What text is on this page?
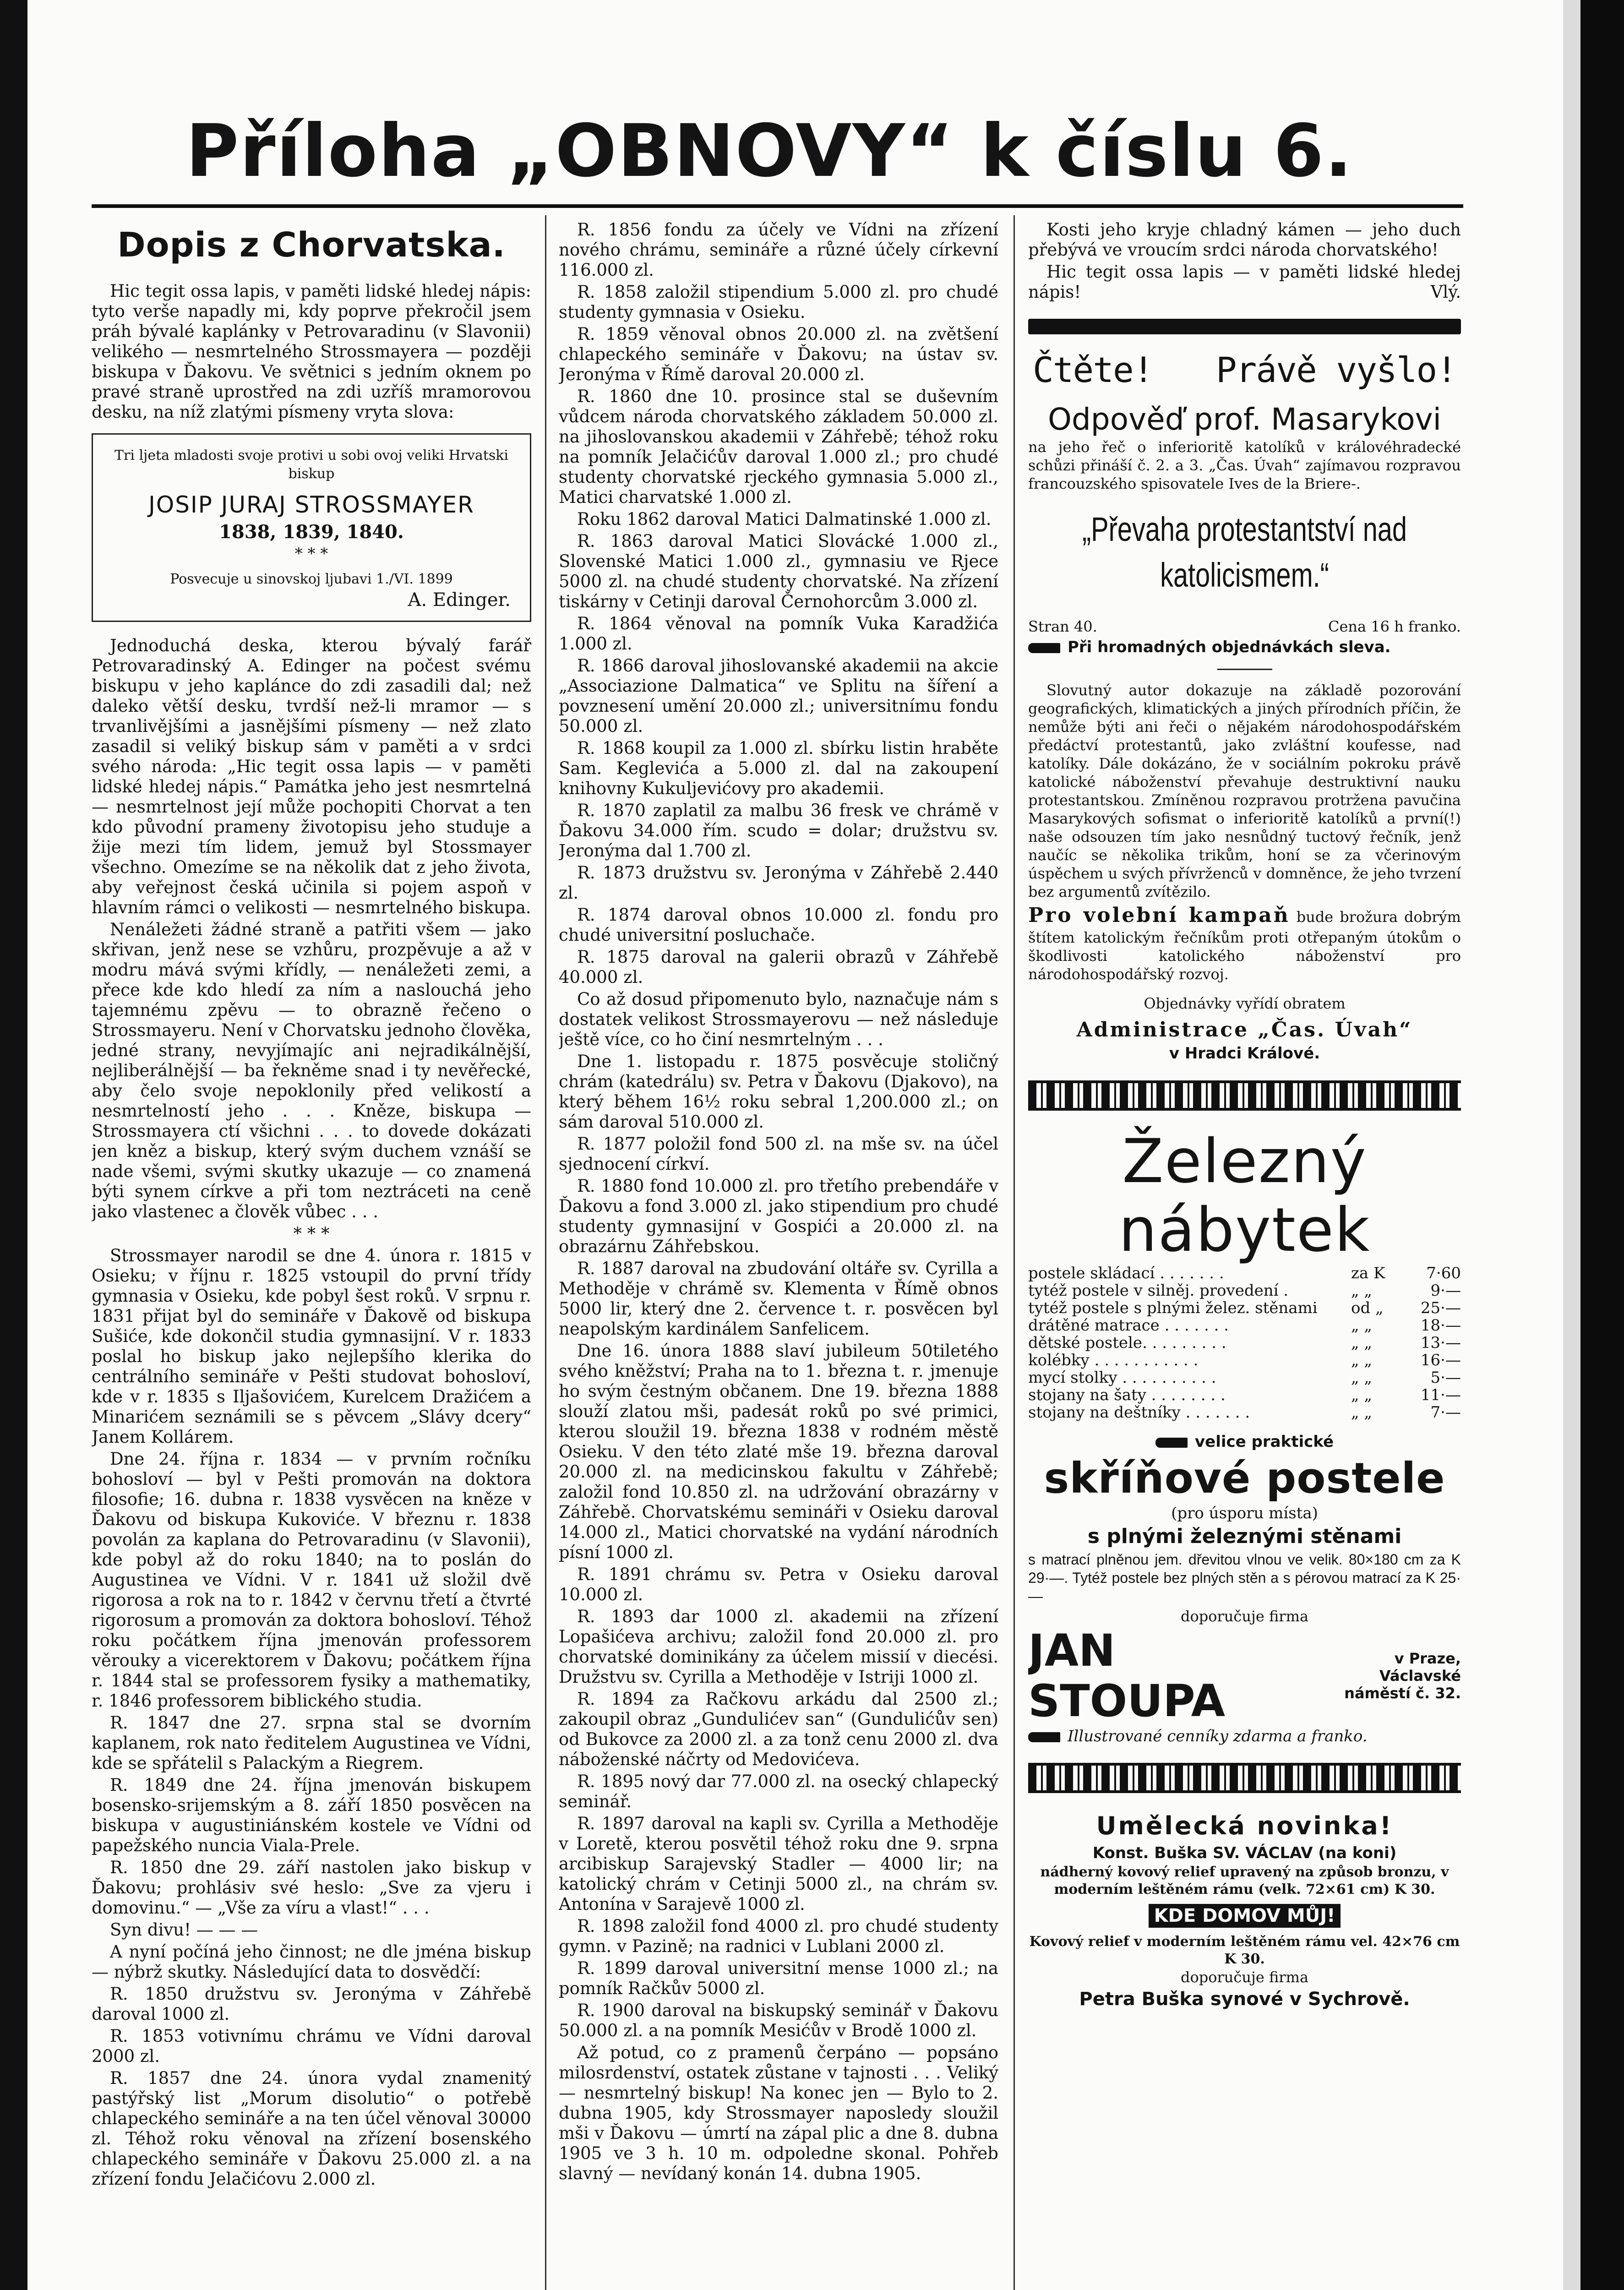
Příloha „OBNOVY“ k číslu 6.
Dopis z Chorvatska.

Hic tegit ossa lapis, v paměti lidské hledej nápis: tyto verše napadly mi, kdy poprve překročil jsem práh bývalé kaplánky v Petrovaradinu (v Slavonii) velikého — nesmrtelného Strossmayera — později biskupa v Ďakovu. Ve světnici s jedním oknem po pravé straně uprostřed na zdi uzříš mramorovou desku, na níž zlatými písmeny vryta slova:

Tri ljeta mladosti svoje protivi u sobi ovoj veliki Hrvatski biskup
JOSIP JURAJ STROSSMAYER
1838, 1839, 1840.
* * *
Posvecuje u sinovskoj ljubavi 1./VI. 1899
A. Edinger.

Jednoduchá deska, kterou bývalý farář Petrovaradinský A. Edinger na počest svému biskupu v jeho kaplánce do zdi zasadili dal; než daleko větší desku, tvrdší než-li mramor — s trvanlivějšími a jasnějšími písmeny — než zlato zasadil si veliký biskup sám v paměti a v srdci svého národa: „Hic tegit ossa lapis — v paměti lidské hledej nápis.“ Památka jeho jest nesmrtelná — nesmrtelnost její může pochopiti Chorvat a ten kdo původní prameny životopisu jeho studuje a žije mezi tím lidem, jemuž byl Stossmayer všechno. Omezíme se na několik dat z jeho života, aby veřejnost česká učinila si pojem aspoň v hlavním rámci o velikosti — nesmrtelného biskupa.

Nenáležeti žádné straně a patřiti všem — jako skřivan, jenž nese se vzhůru, prozpěvuje a až v modru mává svými křídly, — nenáležeti zemi, a přece kde kdo hledí za ním a naslouchá jeho tajemnému zpěvu — to obrazně řečeno o Strossmayeru. Není v Chorvatsku jednoho člověka, jedné strany, nevyjímajíc ani nejradikálnější, nejliberálnější — ba řekněme snad i ty nevěřecké, aby čelo svoje nepoklonily před velikostí a nesmrtelností jeho . . . Kněze, biskupa — Strossmayera ctí všichni . . . to dovede dokázati jen kněz a biskup, který svým duchem vznáší se nade všemi, svými skutky ukazuje — co znamená býti synem církve a při tom neztráceti na ceně jako vlastenec a člověk vůbec . . .

* * *

Strossmayer narodil se dne 4. února r. 1815 v Osieku; v říjnu r. 1825 vstoupil do první třídy gymnasia v Osieku, kde pobyl šest roků. V srpnu r. 1831 přijat byl do semináře v Ďakově od biskupa Sušiće, kde dokončil studia gymnasijní. V r. 1833 poslal ho biskup jako nejlepšího klerika do centrálního semináře v Pešti studovat bohosloví, kde v r. 1835 s Iljašovićem, Kurelcem Dražićem a Minarićem seznámili se s pěvcem „Slávy dcery“ Janem Kollárem.

Dne 24. října r. 1834 — v prvním ročníku bohosloví — byl v Pešti promován na doktora filosofie; 16. dubna r. 1838 vysvěcen na kněze v Ďakovu od biskupa Kukoviće. V březnu r. 1838 povolán za kaplana do Petrovaradinu (v Slavonii), kde pobyl až do roku 1840; na to poslán do Augustinea ve Vídni. V r. 1841 už složil dvě rigorosa a rok na to r. 1842 v červnu třetí a čtvrté rigorosum a promován za doktora bohosloví. Téhož roku počátkem října jmenován professorem věrouky a vicerektorem v Ďakovu; počátkem října r. 1844 stal se professorem fysiky a mathematiky, r. 1846 professorem biblického studia.

R. 1847 dne 27. srpna stal se dvorním kaplanem, rok nato ředitelem Augustinea ve Vídni, kde se spřátelil s Palackým a Riegrem.

R. 1849 dne 24. října jmenován biskupem bosensko-srijemským a 8. září 1850 posvěcen na biskupa v augustiniánském kostele ve Vídni od papežského nuncia Viala-Prele.

R. 1850 dne 29. září nastolen jako biskup v Ďakovu; prohlásiv své heslo: „Sve za vjeru i domovinu.“ — „Vše za víru a vlast!“ . . .

Syn divu! — — —

A nyní počíná jeho činnost; ne dle jména biskup — nýbrž skutky. Následující data to dosvědčí:

R. 1850 družstvu sv. Jeronýma v Záhřebě daroval 1000 zl.

R. 1853 votivnímu chrámu ve Vídni daroval 2000 zl.

R. 1857 dne 24. února vydal znamenitý pastýřský list „Morum disolutio“ o potřebě chlapeckého semináře a na ten účel věnoval 30000 zl. Téhož roku věnoval na zřízení bosenského chlapeckého semináře v Ďakovu 25.000 zl. a na zřízení fondu Jelačićovu 2.000 zl.

R. 1856 fondu za účely ve Vídni na zřízení nového chrámu, semináře a různé účely církevní 116.000 zl.

R. 1858 založil stipendium 5.000 zl. pro chudé studenty gymnasia v Osieku.

R. 1859 věnoval obnos 20.000 zl. na zvětšení chlapeckého semináře v Ďakovu; na ústav sv. Jeronýma v Římě daroval 20.000 zl.

R. 1860 dne 10. prosince stal se duševním vůdcem národa chorvatského základem 50.000 zl. na jihoslovanskou akademii v Záhřebě; téhož roku na pomník Jelačićův daroval 1.000 zl.; pro chudé studenty chorvatské rjeckého gymnasia 5.000 zl., Matici charvatské 1.000 zl.

Roku 1862 daroval Matici Dalmatinské 1.000 zl.

R. 1863 daroval Matici Slovácké 1.000 zl., Slovenské Matici 1.000 zl., gymnasiu ve Rjece 5000 zl. na chudé studenty chorvatské. Na zřízení tiskárny v Cetinji daroval Černohorcům 3.000 zl.

R. 1864 věnoval na pomník Vuka Karadžića 1.000 zl.

R. 1866 daroval jihoslovanské akademii na akcie „Associazione Dalmatica“ ve Splitu na šíření a povznesení umění 20.000 zl.; universitnímu fondu 50.000 zl.

R. 1868 koupil za 1.000 zl. sbírku listin hraběte Sam. Keglevića a 5.000 zl. dal na zakoupení knihovny Kukuljevićovy pro akademii.

R. 1870 zaplatil za malbu 36 fresk ve chrámě v Ďakovu 34.000 řím. scudo = dolar; družstvu sv. Jeronýma dal 1.700 zl.

R. 1873 družstvu sv. Jeronýma v Záhřebě 2.440 zl.

R. 1874 daroval obnos 10.000 zl. fondu pro chudé universitní posluchače.

R. 1875 daroval na galerii obrazů v Záhřebě 40.000 zl.

Co až dosud připomenuto bylo, naznačuje nám s dostatek velikost Strossmayerovu — než následuje ještě více, co ho činí nesmrtelným . . .

Dne 1. listopadu r. 1875 posvěcuje stoličný chrám (katedrálu) sv. Petra v Ďakovu (Djakovo), na který během 16½ roku sebral 1,200.000 zl.; on sám daroval 510.000 zl.

R. 1877 položil fond 500 zl. na mše sv. na účel sjednocení církví.

R. 1880 fond 10.000 zl. pro třetího prebendáře v Ďakovu a fond 3.000 zl. jako stipendium pro chudé studenty gymnasijní v Gospići a 20.000 zl. na obrazárnu Záhřebskou.

R. 1887 daroval na zbudování oltáře sv. Cyrilla a Methoděje v chrámě sv. Klementa v Římě obnos 5000 lir, který dne 2. července t. r. posvěcen byl neapolským kardinálem Sanfelicem.

Dne 16. února 1888 slaví jubileum 50tiletého svého kněžství; Praha na to 1. března t. r. jmenuje ho svým čestným občanem. Dne 19. března 1888 slouží zlatou mši, padesát roků po své primici, kterou sloužil 19. března 1838 v rodném městě Osieku. V den této zlaté mše 19. března daroval 20.000 zl. na medicinskou fakultu v Záhřebě; založil fond 10.850 zl. na udržování obrazárny v Záhřebě. Chorvatskému semináři v Osieku daroval 14.000 zl., Matici chorvatské na vydání národních písní 1000 zl.

R. 1891 chrámu sv. Petra v Osieku daroval 10.000 zl.

R. 1893 dar 1000 zl. akademii na zřízení Lopašićeva archivu; založil fond 20.000 zl. pro chorvatské dominikány za účelem missií v diecési. Družstvu sv. Cyrilla a Methoděje v Istriji 1000 zl.

R. 1894 za Račkovu arkádu dal 2500 zl.; zakoupil obraz „Gundulićev san“ (Gundulićův sen) od Bukovce za 2000 zl. a za tonž cenu 2000 zl. dva náboženské náčrty od Medovićeva.

R. 1895 nový dar 77.000 zl. na osecký chlapecký seminář.

R. 1897 daroval na kapli sv. Cyrilla a Methoděje v Loretě, kterou posvětil téhož roku dne 9. srpna arcibiskup Sarajevský Stadler — 4000 lir; na katolický chrám v Cetinji 5000 zl., na chrám sv. Antonína v Sarajevě 1000 zl.

R. 1898 založil fond 4000 zl. pro chudé studenty gymn. v Pazině; na radnici v Lublani 2000 zl.

R. 1899 daroval universitní mense 1000 zl.; na pomník Račkův 5000 zl.

R. 1900 daroval na biskupský seminář v Ďakovu 50.000 zl. a na pomník Mesićův v Brodě 1000 zl.

Až potud, co z pramenů čerpáno — popsáno milosrdenství, ostatek zůstane v tajnosti . . . Veliký — nesmrtelný biskup! Na konec jen — Bylo to 2. dubna 1905, kdy Strossmayer naposledy sloužil mši v Ďakovu — úmrtí na zápal plic a dne 8. dubna 1905 ve 3 h. 10 m. odpoledne skonal. Pohřeb slavný — nevídaný konán 14. dubna 1905.

Kosti jeho kryje chladný kámen — jeho duch přebývá ve vroucím srdci národa chorvatského!

Hic tegit ossa lapis — v paměti lidské hledej nápis!	Vlý.

Čtěte! Právě vyšlo!
Odpověď prof. Masarykovi

na jeho řeč o inferioritě katolíků v královéhradecké schůzi přináší č. 2. a 3. „Čas. Úvah“ zajímavou rozpravou francouzského spisovatele Ives de la Briere-.

„Převaha protestantství nad katolicismem.“
Stran 40.	Cena 16 h franko.
Při hromadných objednávkách sleva.

Slovutný autor dokazuje na základě pozorování geografických, klimatických a jiných přírodních příčin, že nemůže býti ani řeči o nějakém národohospodářském předáctví protestantů, jako zvláštní koufesse, nad katolíky. Dále dokázáno, že v sociálním pokroku právě katolické náboženství převahuje destruktivní nauku protestantskou. Zmíněnou rozpravou protržena pavučina Masarykových sofismat o inferioritě katolíků a první(!) naše odsouzen tím jako nesnůdný tuctový řečník, jenž naučíc se několika trikům, honí se za včerinovým úspěchem u svých přívrženců v domněnce, že jeho tvrzení bez argumentů zvítězilo.

Pro volební kampaň bude brožura dobrým štítem katolickým řečníkům proti otřepaným útokům o škodlivosti katolického náboženství pro národohospodářský rozvoj.

Objednávky vyřídí obratem
Administrace „Čas. Úvah“
v Hradci Králové.
Železný nábytek
postele skládací . . . . . . .	za K	7·60
tytéž postele v silněj. provedení .	„ „	9·—
tytéž postele s plnými želez. stěnami	od „	25·—
drátěné matrace . . . . . . .	„ „	18·—
dětské postele. . . . . . . . .	„ „	13·—
kolébky . . . . . . . . . . .	„ „	16·—
mycí stolky . . . . . . . . . .	„ „	5·—
stojany na šaty . . . . . . . .	„ „	11·—
stojany na deštníky . . . . . . .	„ „	7·—
velice praktické
skříňové postele
(pro úsporu místa)
s plnými železnými stěnami

s matrací plněnou jem. dřevitou vlnou ve velik. 80×180 cm za K 29·—. Tytéž postele bez plných stěn a s pérovou matrací za K 25·—

doporučuje firma
JAN STOUPA
v Praze, Václavské
náměstí č. 32.
Illustrované cenníky zdarma a franko.
Umělecká novinka!
Konst. Buška SV. VÁCLAV (na koni)
nádherný kovový relief upravený na způsob bronzu, v moderním leštěném rámu (velk. 72×61 cm) K 30.
KDE DOMOV MŮJ!
Kovový relief v moderním leštěném rámu vel. 42×76 cm K 30.
doporučuje firma
Petra Buška synové v Sychrově.
